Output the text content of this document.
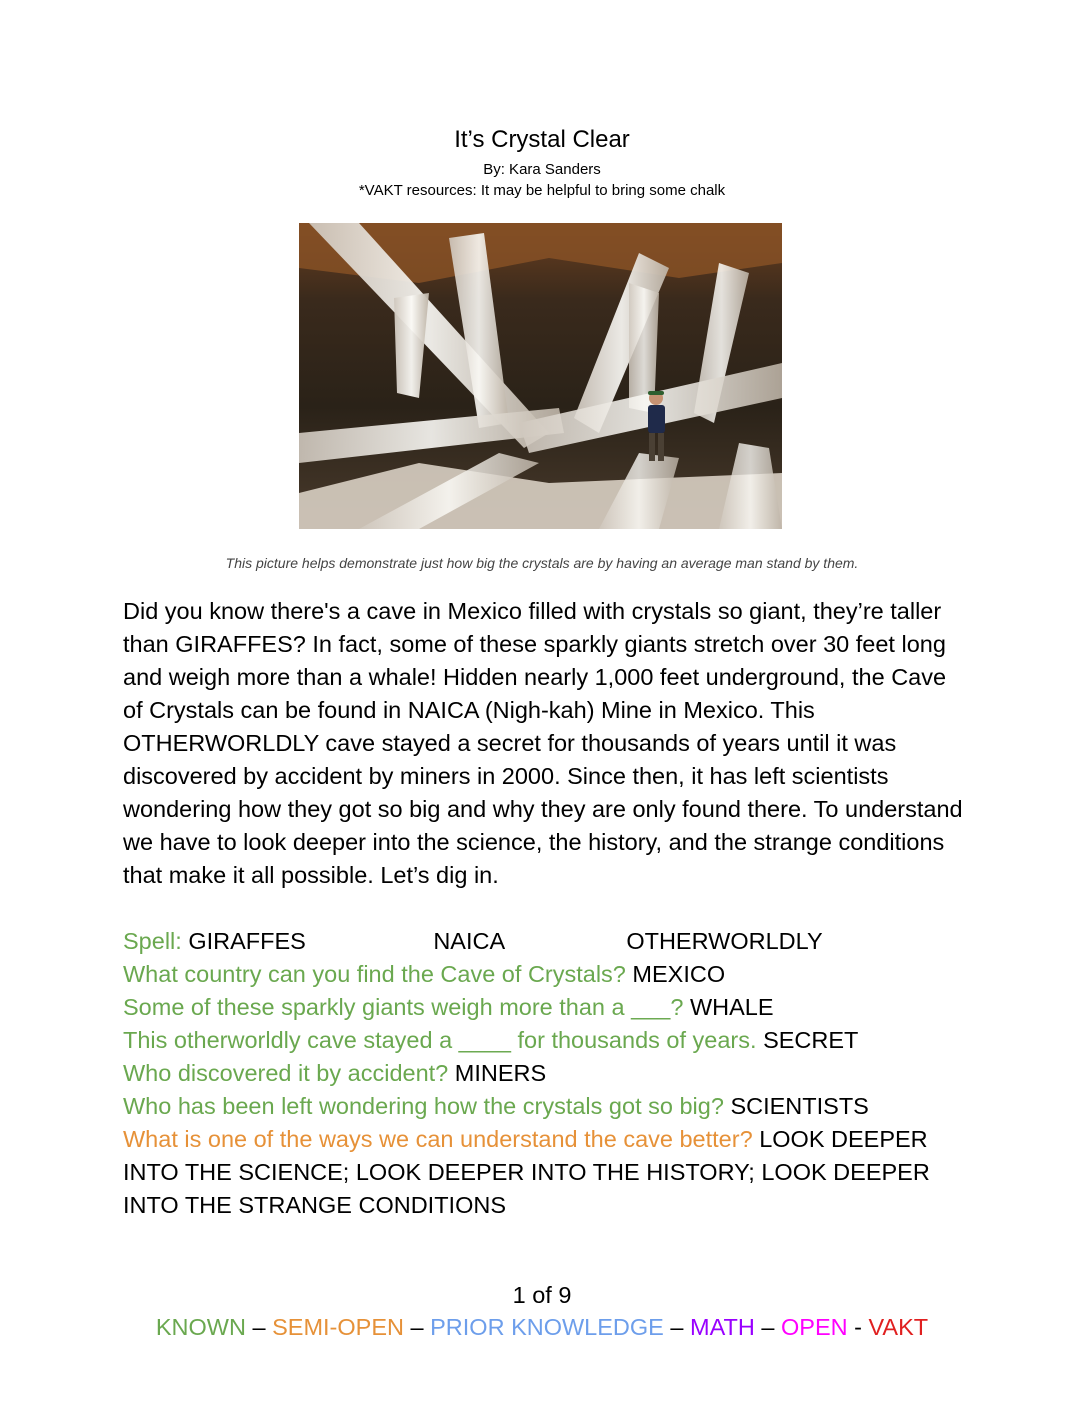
It’s Crystal Clear
By: Kara Sanders
*VAKT resources: It may be helpful to bring some chalk
This picture helps demonstrate just how big the crystals are by having an average man stand by them.

Did you know there's a cave in Mexico filled with crystals so giant, they’re taller than GIRAFFES? In fact, some of these sparkly giants stretch over 30 feet long and weigh more than a whale! Hidden nearly 1,000 feet underground, the Cave of Crystals can be found in NAICA (Nigh-kah) Mine in Mexico. This OTHERWORLDLY cave stayed a secret for thousands of years until it was discovered by accident by miners in 2000. Since then, it has left scientists wondering how they got so big and why they are only found there. To understand we have to look deeper into the science, the history, and the strange conditions that make it all possible. Let’s dig in.

Spell: GIRAFFES	NAICA	OTHERWORLDLY

What country can you find the Cave of Crystals? MEXICO

Some of these sparkly giants weigh more than a ___? WHALE

This otherworldly cave stayed a ____ for thousands of years. SECRET

Who discovered it by accident? MINERS

Who has been left wondering how the crystals got so big? SCIENTISTS

What is one of the ways we can understand the cave better? LOOK DEEPER INTO THE SCIENCE; LOOK DEEPER INTO THE HISTORY; LOOK DEEPER INTO THE STRANGE CONDITIONS

1 of 9
KNOWN – SEMI-OPEN – PRIOR KNOWLEDGE – MATH – OPEN - VAKT
